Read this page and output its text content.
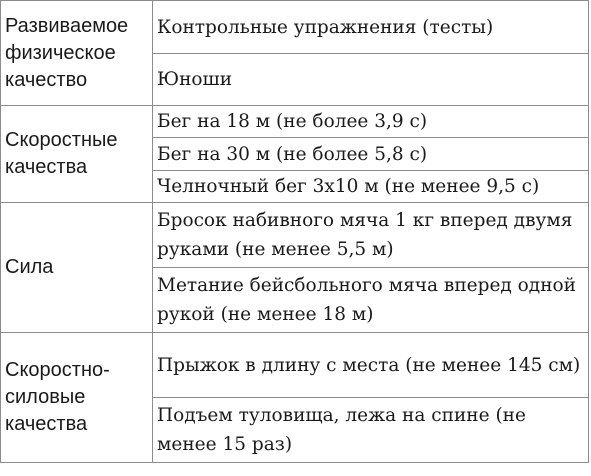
Развиваемое физическое качество	Контрольные упражнения (тесты)
	Юноши
Скоростные качества	Бег на 18 м (не более 3,9 с)
	Бег на 30 м (не более 5,8 с)
	Челночный бег 3х10 м (не менее 9,5 с)
Сила	Бросок набивного мяча 1 кг вперед двумя руками (не менее 5,5 м)
	Метание бейсбольного мяча вперед одной рукой (не менее 18 м)
Скоростно-силовые качества	Прыжок в длину с места (не менее 145 см)
	Подъем туловища, лежа на спине (не менее 15 раз)
